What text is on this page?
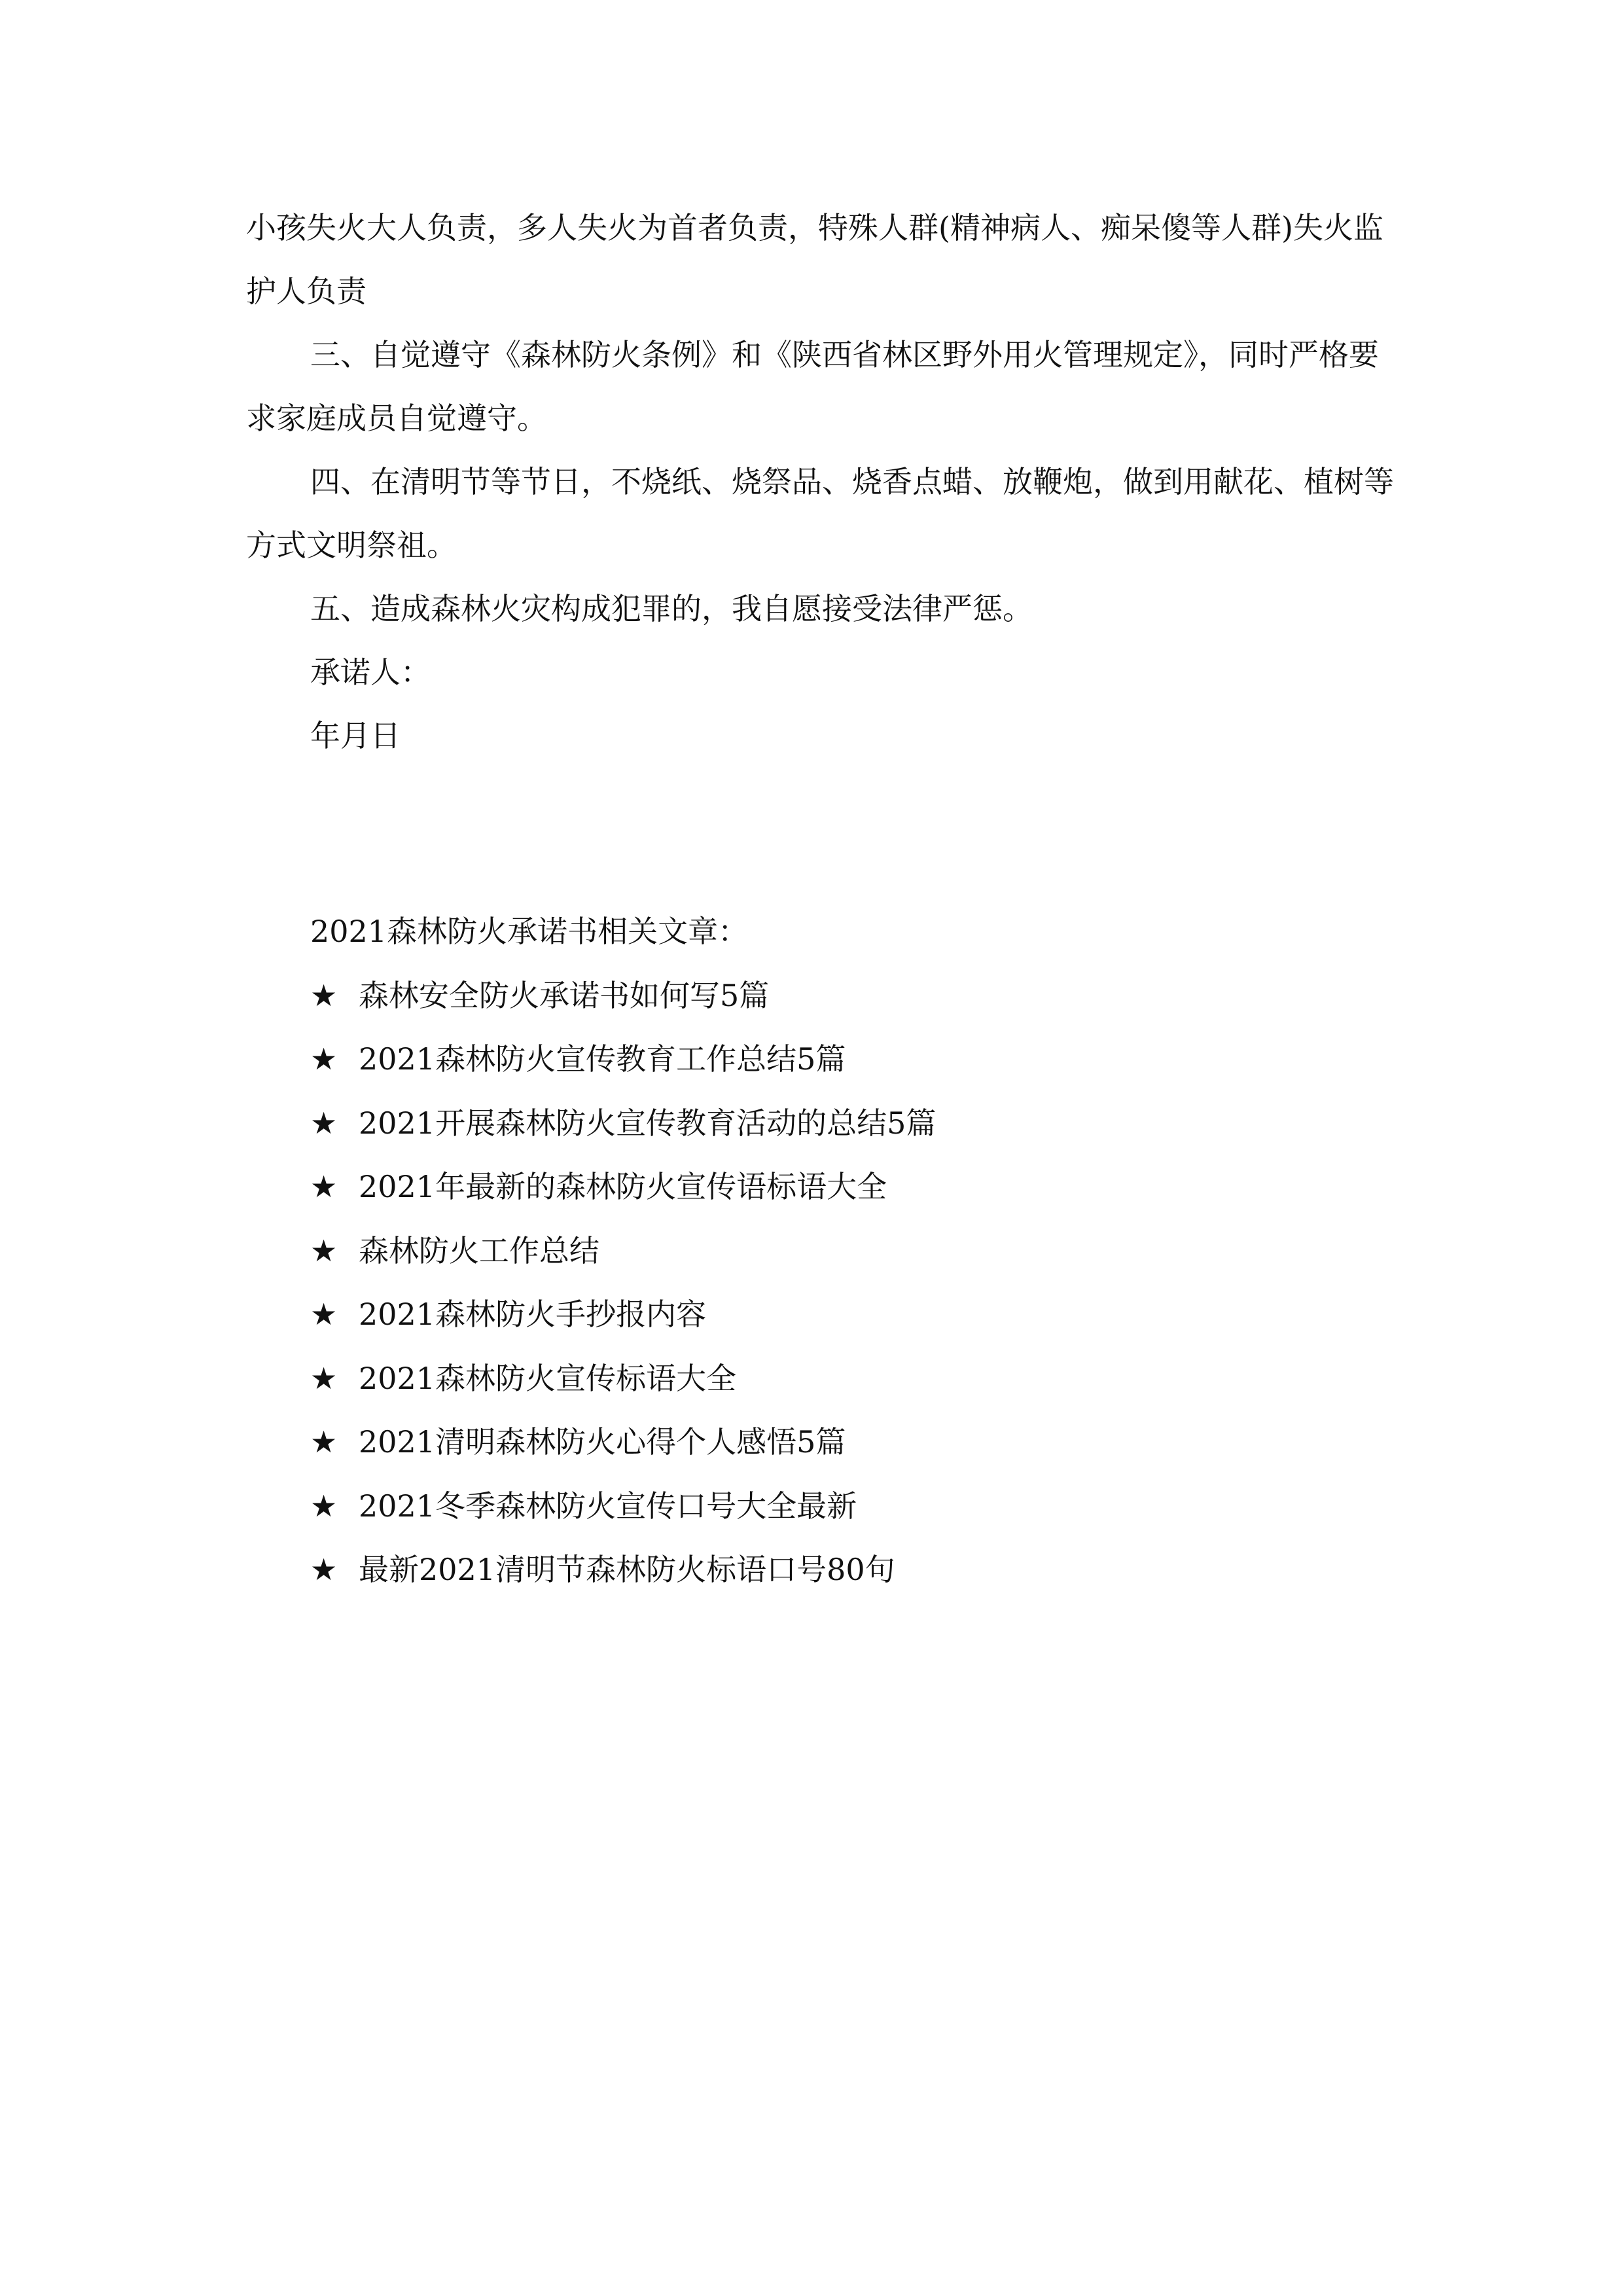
小孩失火大人负责，多人失火为首者负责，特殊人群(精神病人、痴呆傻等人群)失火监护人负责

三、自觉遵守《森林防火条例》和《陕西省林区野外用火管理规定》，同时严格要求家庭成员自觉遵守。

四、在清明节等节日，不烧纸、烧祭品、烧香点蜡、放鞭炮，做到用献花、植树等方式文明祭祖。

五、造成森林火灾构成犯罪的，我自愿接受法律严惩。

承诺人：

年月日

2021森林防火承诺书相关文章：

★ 森林安全防火承诺书如何写5篇
★ 2021森林防火宣传教育工作总结5篇
★ 2021开展森林防火宣传教育活动的总结5篇
★ 2021年最新的森林防火宣传语标语大全
★ 森林防火工作总结
★ 2021森林防火手抄报内容
★ 2021森林防火宣传标语大全
★ 2021清明森林防火心得个人感悟5篇
★ 2021冬季森林防火宣传口号大全最新
★ 最新2021清明节森林防火标语口号80句
